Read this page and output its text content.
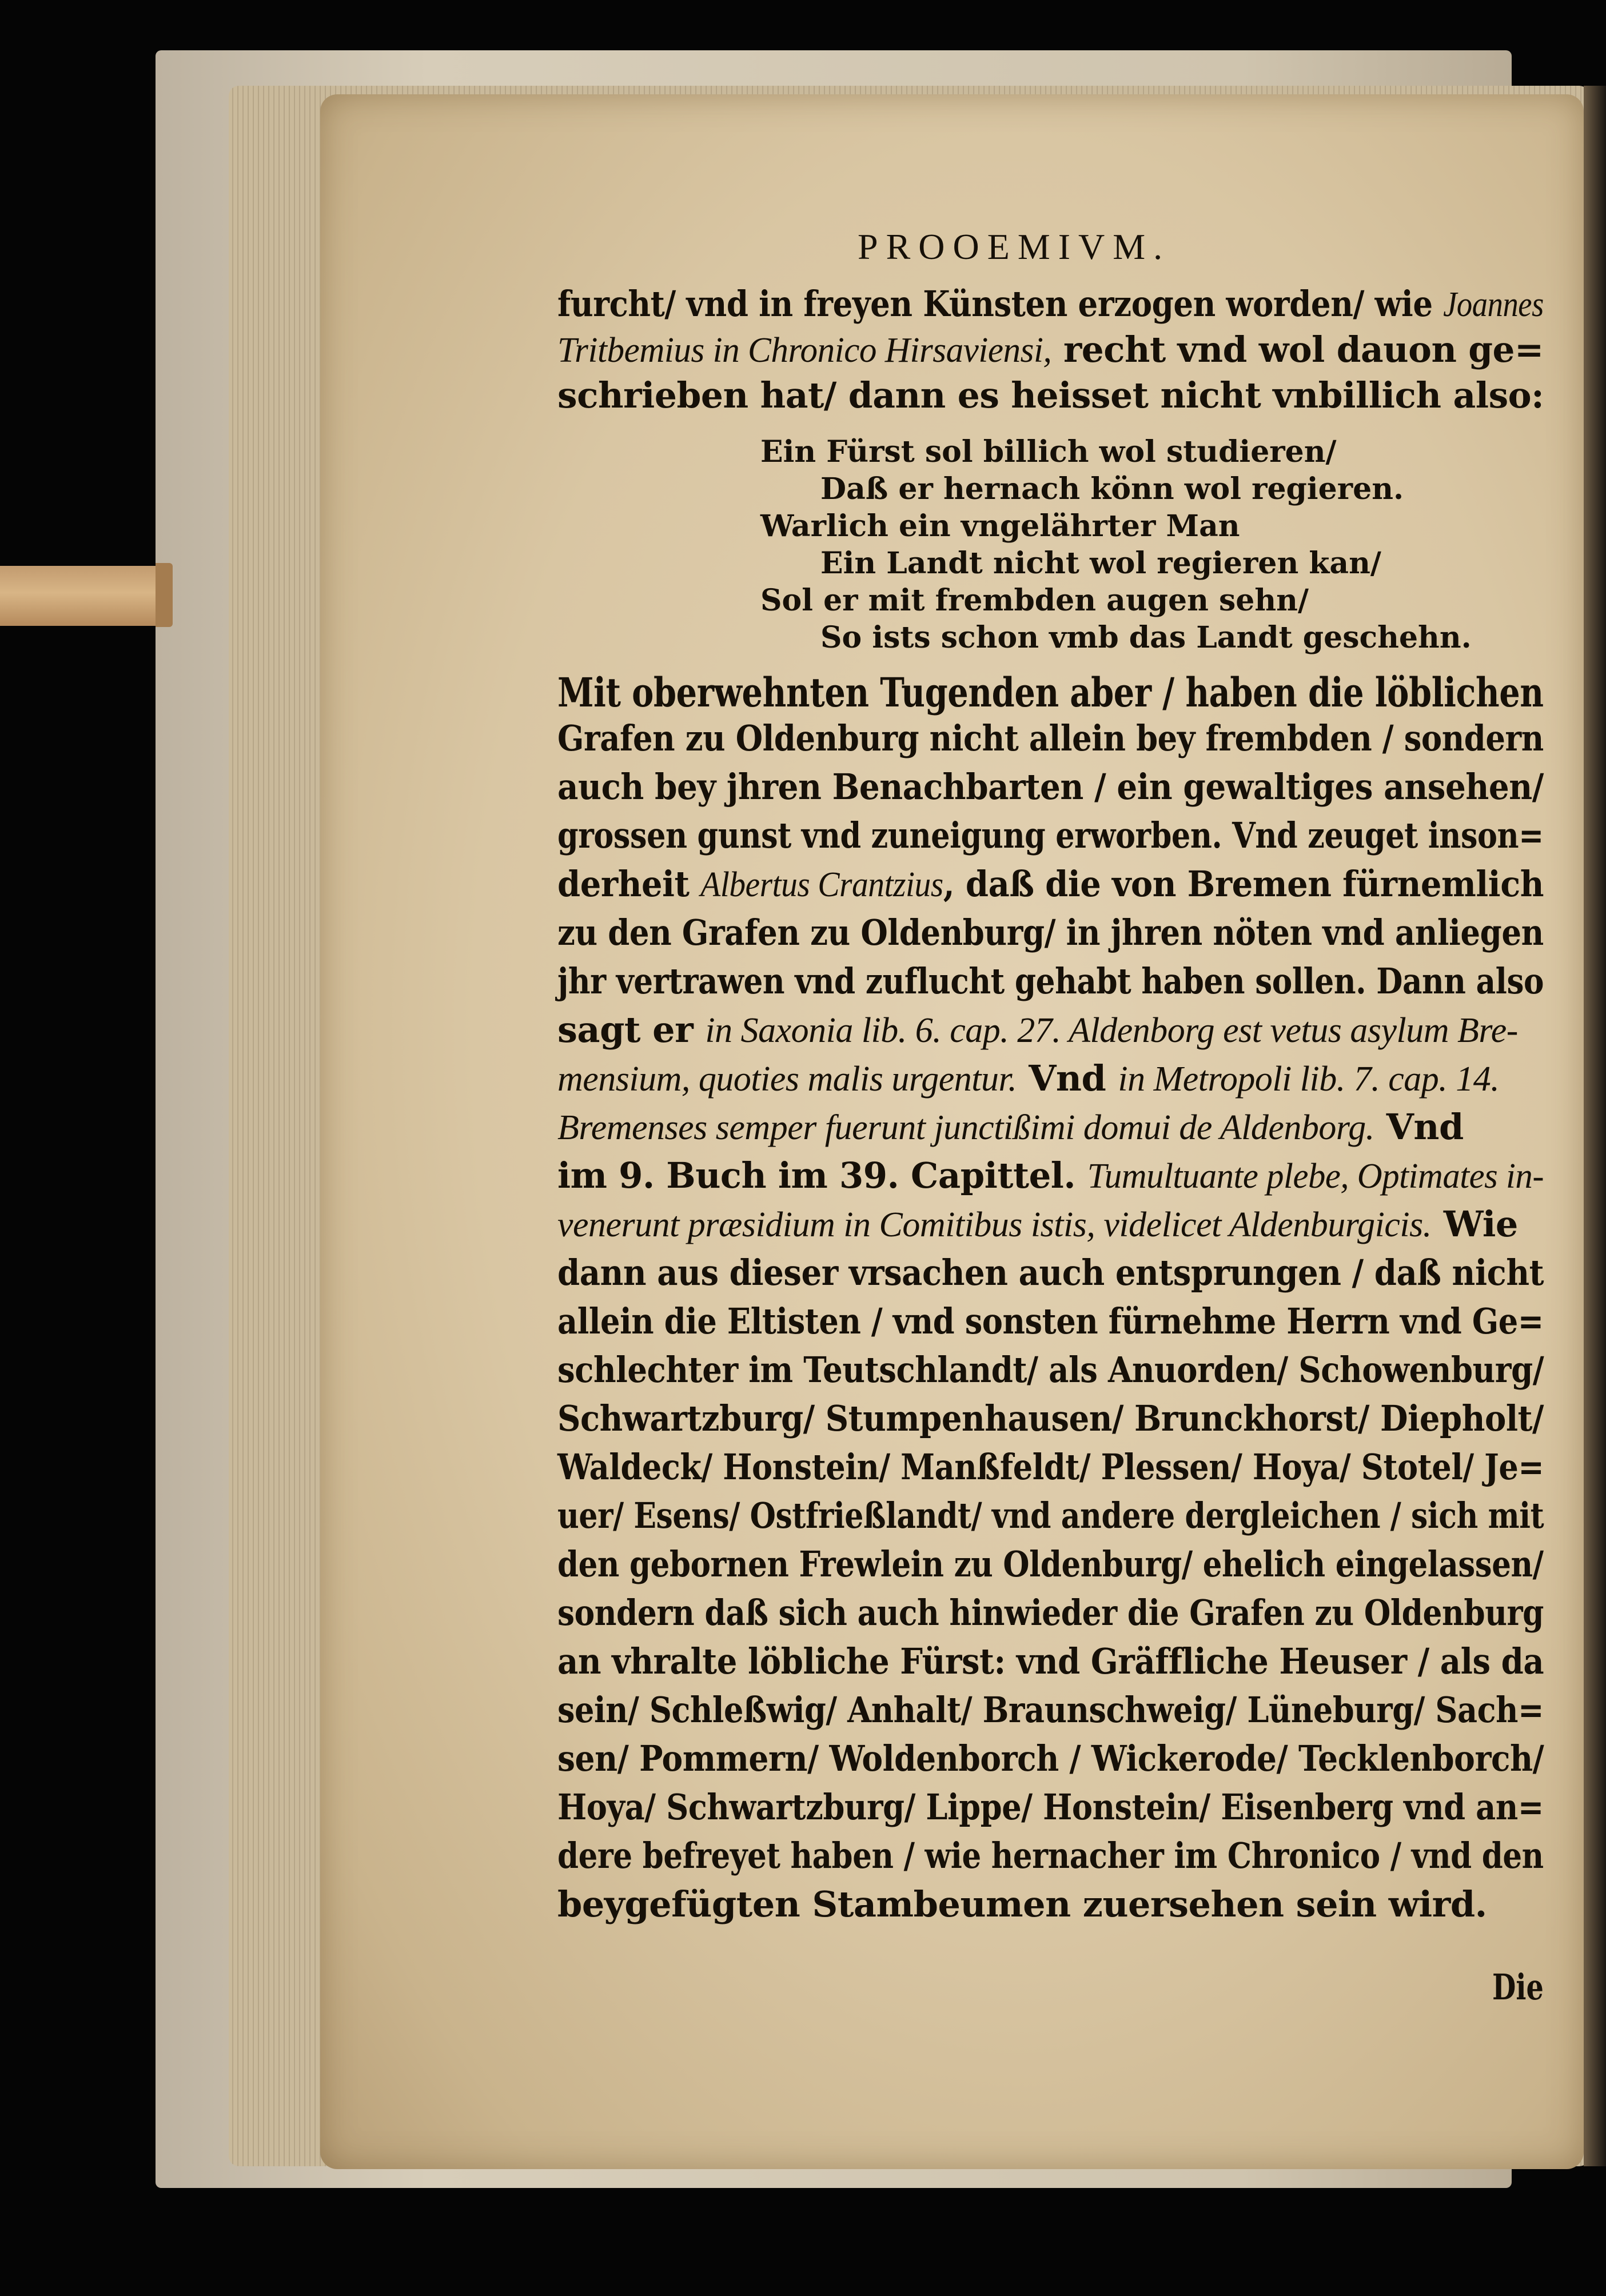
PROOEMIVM.
furcht/ vnd in freyen Künsten erzogen worden/ wie Joannes
Tritbemius in Chronico Hirsaviensi, recht vnd wol dauon ge=
schrieben hat/ dann es heisset nicht vnbillich also:
Ein Fürst sol billich wol studieren/
Daß er hernach könn wol regieren.
Warlich ein vngelährter Man
Ein Landt nicht wol regieren kan/
Sol er mit frembden augen sehn/
So ists schon vmb das Landt geschehn.
Mit oberwehnten Tugenden aber / haben die löblichen
Grafen zu Oldenburg nicht allein bey frembden / sondern
auch bey jhren Benachbarten / ein gewaltiges ansehen/
grossen gunst vnd zuneigung erworben. Vnd zeuget inson=
derheit Albertus Crantzius, daß die von Bremen fürnemlich
zu den Grafen zu Oldenburg/ in jhren nöten vnd anliegen
jhr vertrawen vnd zuflucht gehabt haben sollen. Dann also
sagt er in Saxonia lib. 6. cap. 27. Aldenborg est vetus asylum Bre-
mensium, quoties malis urgentur. Vnd in Metropoli lib. 7. cap. 14.
Bremenses semper fuerunt junctißimi domui de Aldenborg. Vnd
im 9. Buch im 39. Capittel. Tumultuante plebe, Optimates in-
venerunt præsidium in Comitibus istis, videlicet Aldenburgicis. Wie
dann aus dieser vrsachen auch entsprungen / daß nicht
allein die Eltisten / vnd sonsten fürnehme Herrn vnd Ge=
schlechter im Teutschlandt/ als Anuorden/ Schowenburg/
Schwartzburg/ Stumpenhausen/ Brunckhorst/ Diepholt/
Waldeck/ Honstein/ Manßfeldt/ Plessen/ Hoya/ Stotel/ Je=
uer/ Esens/ Ostfrießlandt/ vnd andere dergleichen / sich mit
den gebornen Frewlein zu Oldenburg/ ehelich eingelassen/
sondern daß sich auch hinwieder die Grafen zu Oldenburg
an vhralte löbliche Fürst: vnd Gräffliche Heuser / als da
sein/ Schleßwig/ Anhalt/ Braunschweig/ Lüneburg/ Sach=
sen/ Pommern/ Woldenborch / Wickerode/ Tecklenborch/
Hoya/ Schwartzburg/ Lippe/ Honstein/ Eisenberg vnd an=
dere befreyet haben / wie hernacher im Chronico / vnd den
beygefügten Stambeumen zuersehen sein wird.
Die
